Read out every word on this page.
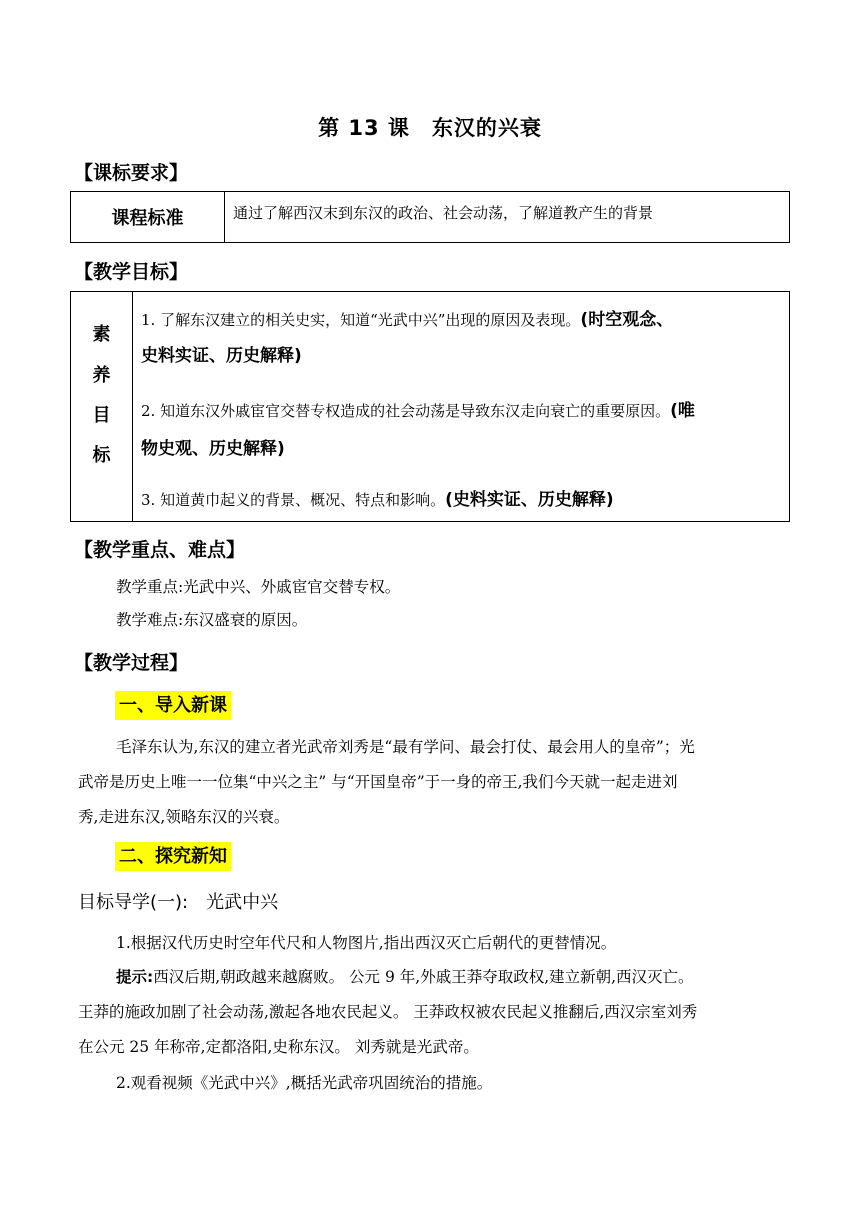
第 13 课　东汉的兴衰
【课标要求】
课程标准	通过了解西汉末到东汉的政治、社会动荡，了解道教产生的背景
【教学目标】
素
养
目
标
1. 了解东汉建立的相关史实，知道“光武中兴”出现的原因及表现。(时空观念、
史料实证、历史解释)
2. 知道东汉外戚宦官交替专权造成的社会动荡是导致东汉走向衰亡的重要原因。(唯
物史观、历史解释)
3. 知道黄巾起义的背景、概况、特点和影响。(史料实证、历史解释)
【教学重点、难点】
教学重点:光武中兴、外戚宦官交替专权。
教学难点:东汉盛衰的原因。
【教学过程】
一、导入新课
毛泽东认为,东汉的建立者光武帝刘秀是“最有学问、最会打仗、最会用人的皇帝”；光
武帝是历史上唯一一位集“中兴之主” 与“开国皇帝”于一身的帝王,我们今天就一起走进刘
秀,走进东汉,领略东汉的兴衰。
二、探究新知
目标导学(一):　光武中兴
1.根据汉代历史时空年代尺和人物图片,指出西汉灭亡后朝代的更替情况。
提示:西汉后期,朝政越来越腐败。 公元 9 年,外戚王莽夺取政权,建立新朝,西汉灭亡。
王莽的施政加剧了社会动荡,激起各地农民起义。 王莽政权被农民起义推翻后,西汉宗室刘秀
在公元 25 年称帝,定都洛阳,史称东汉。 刘秀就是光武帝。
2.观看视频《光武中兴》,概括光武帝巩固统治的措施。
